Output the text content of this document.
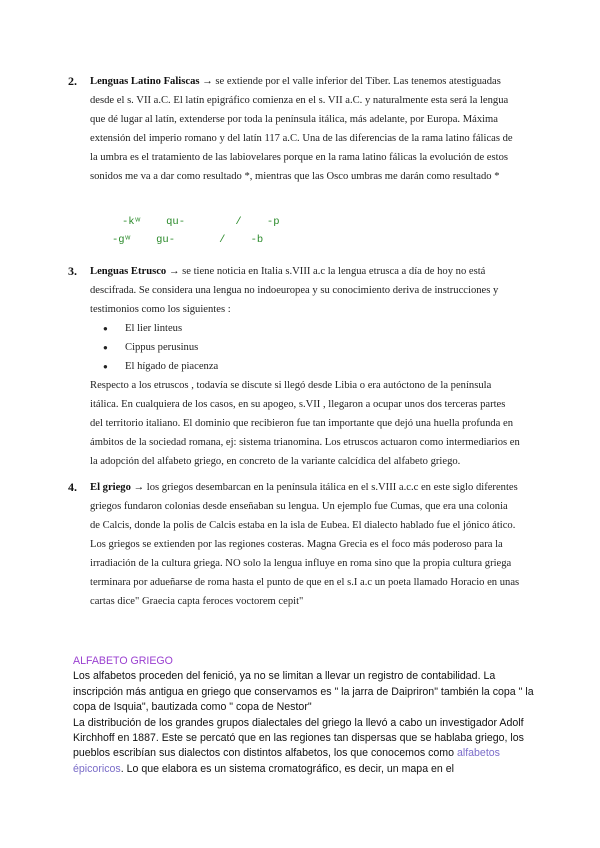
2. Lenguas Latino Faliscas → se extiende por el valle inferior del Tíber. Las tenemos atestiguadas desde el s. VII a.C. El latín epigráfico comienza en el s. VII a.C. y naturalmente esta será la lengua que dé lugar al latín, extenderse por toda la península itálica, más adelante, por Europa. Máxima extensión del imperio romano y del latín 117 a.C. Una de las diferencias de la rama latino fálicas de la umbra es el tratamiento de las labiovelares porque en la rama latino fálicas la evolución de estos sonidos me va a dar como resultado *, mientras que las Osco umbras me darán como resultado *

-kʷ    qu-        /    -p
-gʷ    gu-       /    -b
3. Lenguas Etrusco → se tiene noticia en Italia s.VIII a.c la lengua etrusca a día de hoy no está descifrada. Se considera una lengua no indoeuropea y su conocimiento deriva de instrucciones y testimonios como los siguientes :

● El lier linteus
● Cippus perusinus
● El hígado de piacenza

Respecto a los etruscos , todavía se discute si llegó desde Libia o era autóctono de la península itálica. En cualquiera de los casos, en su apogeo, s.VII , llegaron a ocupar unos dos terceras partes del territorio italiano. El dominio que recibieron fue tan importante que dejó una huella profunda en ámbitos de la sociedad romana, ej: sistema trianomina. Los etruscos actuaron como intermediarios en la adopción del alfabeto griego, en concreto de la variante calcídica del alfabeto griego.

4. El griego → los griegos desembarcan en la península itálica en el s.VIII a.c.c en este siglo diferentes griegos fundaron colonias desde enseñaban su lengua. Un ejemplo fue Cumas, que era una colonia de Calcis, donde la polis de Calcis estaba en la isla de Eubea. El dialecto hablado fue el jónico ático. Los griegos se extienden por las regiones costeras. Magna Grecia es el foco más poderoso para la irradiación de la cultura griega. NO solo la lengua influye en roma sino que la propia cultura griega terminara por adueñarse de roma hasta el punto de que en el s.I a.c un poeta llamado Horacio en unas cartas dice" Graecia capta feroces voctorem cepit"

ALFABETO GRIEGO
Los alfabetos proceden del fenició, ya no se limitan a llevar un registro de contabilidad. La inscripción más antigua en griego que conservamos es " la jarra de Daipriron" también la copa " la copa de Isquia", bautizada como " copa de Nestor"
La distribución de los grandes grupos dialectales del griego la llevó a cabo un investigador Adolf Kirchhoff en 1887. Este se percató que en las regiones tan dispersas que se hablaba griego, los pueblos escribían sus dialectos con distintos alfabetos, los que conocemos como alfabetos épicoricos. Lo que elabora es un sistema cromatográfico, es decir, un mapa en el
